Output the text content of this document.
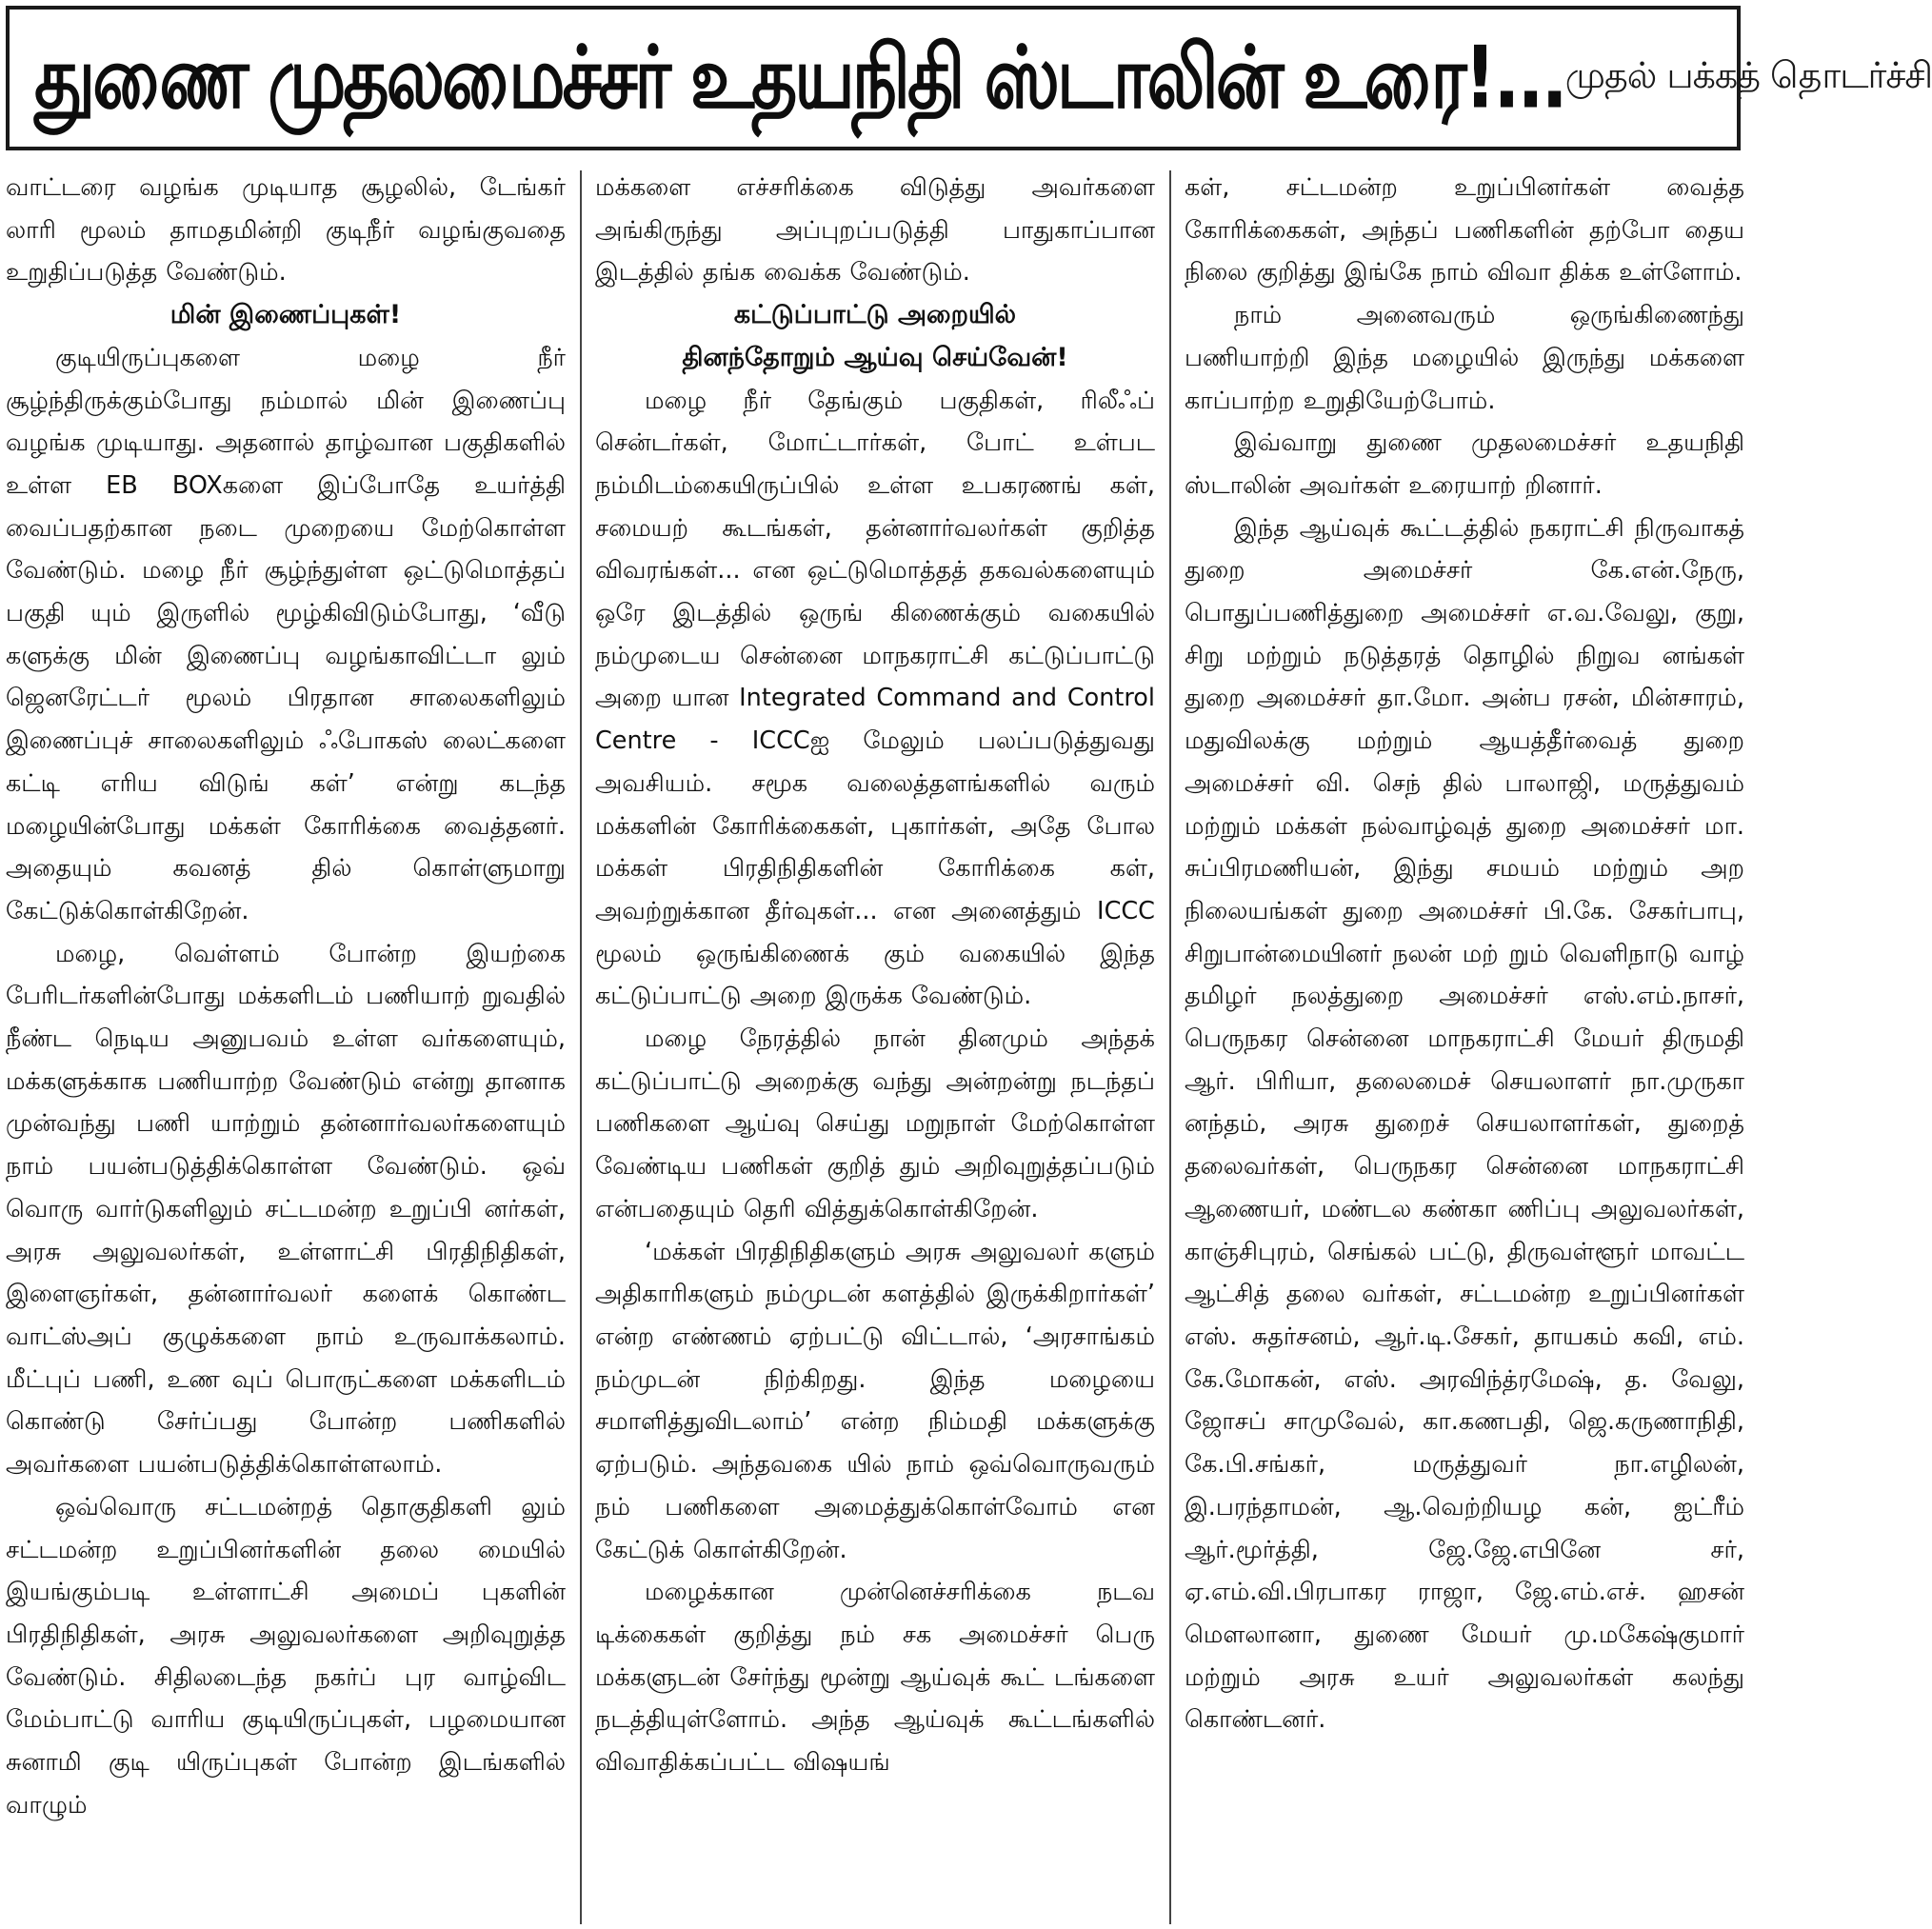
துணை முதலமைச்சர் உதயநிதி ஸ்டாலின் உரை!... முதல் பக்கத் தொடர்ச்சி

வாட்டரை வழங்க முடியாத சூழலில், டேங்கர் லாரி மூலம் தாமதமின்றி குடிநீர் வழங்குவதை உறுதிப்படுத்த வேண்டும்.

மின் இணைப்புகள்!

குடியிருப்புகளை மழை நீர் சூழ்ந்திருக்கும்போது நம்மால் மின் இணைப்பு வழங்க முடியாது. அதனால் தாழ்வான பகுதிகளில் உள்ள EB BOXகளை இப்போதே உயர்த்தி வைப்பதற்கான நடை முறையை மேற்கொள்ள வேண்டும். மழை நீர் சூழ்ந்துள்ள ஒட்டுமொத்தப் பகுதி யும் இருளில் மூழ்கிவிடும்போது, ‘வீடு களுக்கு மின் இணைப்பு வழங்காவிட்டா லும் ஜெனரேட்டர் மூலம் பிரதான சாலைகளிலும் இணைப்புச் சாலைகளிலும் ஃபோகஸ் லைட்களை கட்டி எரிய விடுங் கள்’ என்று கடந்த மழையின்போது மக்கள் கோரிக்கை வைத்தனர். அதையும் கவனத் தில் கொள்ளுமாறு கேட்டுக்கொள்கிறேன்.

மழை, வெள்ளம் போன்ற இயற்கை பேரிடர்களின்போது மக்களிடம் பணியாற் றுவதில் நீண்ட நெடிய அனுபவம் உள்ள வர்களையும், மக்களுக்காக பணியாற்ற வேண்டும் என்று தானாக முன்வந்து பணி யாற்றும் தன்னார்வலர்களையும் நாம் பயன்படுத்திக்கொள்ள வேண்டும். ஒவ் வொரு வார்டுகளிலும் சட்டமன்ற உறுப்பி னர்கள், அரசு அலுவலர்கள், உள்ளாட்சி பிரதிநிதிகள், இளைஞர்கள், தன்னார்வலர் களைக் கொண்ட வாட்ஸ்அப் குழுக்களை நாம் உருவாக்கலாம். மீட்புப் பணி, உண வுப் பொருட்களை மக்களிடம் கொண்டு சேர்ப்பது போன்ற பணிகளில் அவர்களை பயன்படுத்திக்கொள்ளலாம்.

ஒவ்வொரு சட்டமன்றத் தொகுதிகளி லும் சட்டமன்ற உறுப்பினர்களின் தலை மையில் இயங்கும்படி உள்ளாட்சி அமைப் புகளின் பிரதிநிதிகள், அரசு அலுவலர்களை அறிவுறுத்த வேண்டும். சிதிலடைந்த நகர்ப் புர வாழ்விட மேம்பாட்டு வாரிய குடியிருப்புகள், பழமையான சுனாமி குடி யிருப்புகள் போன்ற இடங்களில் வாழும்

மக்களை எச்சரிக்கை விடுத்து அவர்களை அங்கிருந்து அப்புறப்படுத்தி பாதுகாப்பான இடத்தில் தங்க வைக்க வேண்டும்.

கட்டுப்பாட்டு அறையில்
தினந்தோறும் ஆய்வு செய்வேன்!

மழை நீர் தேங்கும் பகுதிகள், ரிலீஃப் சென்டர்கள், மோட்டார்கள், போட் உள்பட நம்மிடம்கையிருப்பில் உள்ள உபகரணங் கள், சமையற் கூடங்கள், தன்னார்வலர்கள் குறித்த விவரங்கள்... என ஒட்டுமொத்தத் தகவல்களையும் ஒரே இடத்தில் ஒருங் கிணைக்கும் வகையில் நம்முடைய சென்னை மாநகராட்சி கட்டுப்பாட்டு அறை யான Integrated Command and Control Centre - ICCCஐ மேலும் பலப்படுத்துவது அவசியம். சமூக வலைத்தளங்களில் வரும் மக்களின் கோரிக்கைகள், புகார்கள், அதே போல மக்கள் பிரதிநிதிகளின் கோரிக்கை கள், அவற்றுக்கான தீர்வுகள்... என அனைத்தும் ICCC மூலம் ஒருங்கிணைக் கும் வகையில் இந்த கட்டுப்பாட்டு அறை இருக்க வேண்டும்.

மழை நேரத்தில் நான் தினமும் அந்தக் கட்டுப்பாட்டு அறைக்கு வந்து அன்றன்று நடந்தப் பணிகளை ஆய்வு செய்து மறுநாள் மேற்கொள்ள வேண்டிய பணிகள் குறித் தும் அறிவுறுத்தப்படும் என்பதையும் தெரி வித்துக்கொள்கிறேன்.

‘மக்கள் பிரதிநிதிகளும் அரசு அலுவலர் களும் அதிகாரிகளும் நம்முடன் களத்தில் இருக்கிறார்கள்’ என்ற எண்ணம் ஏற்பட்டு விட்டால், ‘அரசாங்கம் நம்முடன் நிற்கிறது. இந்த மழையை சமாளித்துவிடலாம்’ என்ற நிம்மதி மக்களுக்கு ஏற்படும். அந்தவகை யில் நாம் ஒவ்வொருவரும் நம் பணிகளை அமைத்துக்கொள்வோம் என கேட்டுக் கொள்கிறேன்.

மழைக்கான முன்னெச்சரிக்கை நடவ டிக்கைகள் குறித்து நம் சக அமைச்சர் பெரு மக்களுடன் சேர்ந்து மூன்று ஆய்வுக் கூட் டங்களை நடத்தியுள்ளோம். அந்த ஆய்வுக் கூட்டங்களில் விவாதிக்கப்பட்ட விஷயங்

கள், சட்டமன்ற உறுப்பினர்கள் வைத்த கோரிக்கைகள், அந்தப் பணிகளின் தற்போ தைய நிலை குறித்து இங்கே நாம் விவா திக்க உள்ளோம்.

நாம் அனைவரும் ஒருங்கிணைந்து பணியாற்றி இந்த மழையில் இருந்து மக்களை காப்பாற்ற உறுதியேற்போம்.

இவ்வாறு துணை முதலமைச்சர் உதயநிதி ஸ்டாலின் அவர்கள் உரையாற் றினார்.

இந்த ஆய்வுக் கூட்டத்தில் நகராட்சி நிருவாகத் துறை அமைச்சர் கே.என்.நேரு, பொதுப்பணித்துறை அமைச்சர் எ.வ.வேலு, குறு, சிறு மற்றும் நடுத்தரத் தொழில் நிறுவ னங்கள் துறை அமைச்சர் தா.மோ. அன்ப ரசன், மின்சாரம், மதுவிலக்கு மற்றும் ஆயத்தீர்வைத் துறை அமைச்சர் வி. செந் தில் பாலாஜி, மருத்துவம் மற்றும் மக்கள் நல்வாழ்வுத் துறை அமைச்சர் மா. சுப்பிரமணியன், இந்து சமயம் மற்றும் அற நிலையங்கள் துறை அமைச்சர் பி.கே. சேகர்பாபு, சிறுபான்மையினர் நலன் மற் றும் வெளிநாடு வாழ் தமிழர் நலத்துறை அமைச்சர் எஸ்.எம்.நாசர், பெருநகர சென்னை மாநகராட்சி மேயர் திருமதி ஆர். பிரியா, தலைமைச் செயலாளர் நா.முருகா னந்தம், அரசு துறைச் செயலாளர்கள், துறைத் தலைவர்கள், பெருநகர சென்னை மாநகராட்சி ஆணையர், மண்டல கண்கா ணிப்பு அலுவலர்கள், காஞ்சிபுரம், செங்கல் பட்டு, திருவள்ளூர் மாவட்ட ஆட்சித் தலை வர்கள், சட்டமன்ற உறுப்பினர்கள் எஸ். சுதர்சனம், ஆர்.டி.சேகர், தாயகம் கவி, எம். கே.மோகன், எஸ். அரவிந்த்ரமேஷ், த. வேலு, ஜோசப் சாமுவேல், கா.கணபதி, ஜெ.கருணாநிதி, கே.பி.சங்கர், மருத்துவர் நா.எழிலன், இ.பரந்தாமன், ஆ.வெற்றியழ கன், ஐட்ரீம் ஆர்.மூர்த்தி, ஜே.ஜே.எபினே சர், ஏ.எம்.வி.பிரபாகர ராஜா, ஜே.எம்.எச். ஹசன் மௌலானா, துணை மேயர் மு.மகேஷ்குமார் மற்றும் அரசு உயர் அலுவலர்கள் கலந்து கொண்டனர்.
